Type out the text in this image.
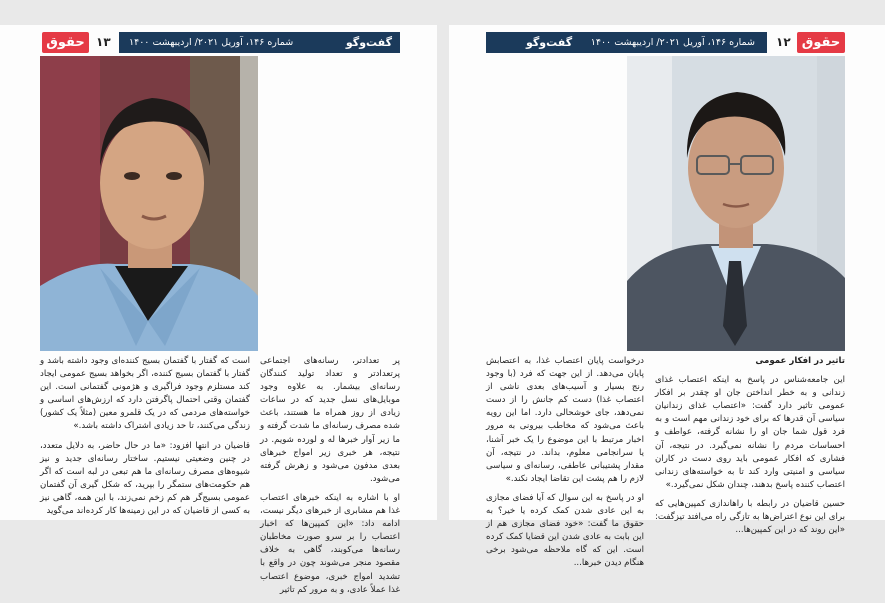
۱۳
حقوق	گفت‌وگو
شماره ۱۴۶، آوریل ۲۰۲۱/ اردیبهشت ۱۴۰۰

پر تعدادتر، رسانه‌های اجتماعی پرتعدادتر و تعداد تولید کنندگان رسانه‌ای بیشمار. به علاوه وجود موبایل‌های نسل جدید که در ساعات زیادی از روز همراه ما هستند، باعث شده مصرف رسانه‌ای ما شدت گرفته و ما زیر آوار خبرها له و لورده شویم. در نتیجه، هر خبری زیر امواج خبرهای بعدی مدفون می‌شود و زهرش گرفته می‌شود.

او با اشاره به اینکه خبرهای اعتصاب غذا هم مشابری از خبرهای دیگر نیست، ادامه داد: «این کمپین‌ها که اخبار اعتصاب را بر سرو صورت مخاطبان رسانه‌ها می‌کوبند، گاهی به خلاف مقصود منجر می‌شوند چون در واقع با تشدید امواج خبری، موضوع اعتصاب غذا عملاً عادی، و به مرور کم تاثیر

است که گفتار با گفتمان بسیج کننده‌ای وجود داشته باشد و گفتار با گفتمان بسیج کننده، اگر بخواهد بسیج عمومی ایجاد کند مستلزم وجود فراگیری و هژمونی گفتمانی است. این گفتمان وقتی احتمال پاگرفتن دارد که ارزش‌های اساسی و خواسته‌های مردمی که در یک قلمرو معین (مثلاً یک کشور) زندگی می‌کنند، تا حد زیادی اشتراک داشته باشد.»

قاضیان در انتها افزود: «ما در حال حاضر، به دلایل متعدد، در چنین وضعیتی نیستیم. ساختار رسانه‌ای جدید و نیز شیوه‌های مصرف رسانه‌ای ما هم تبعی در لبه است که اگر هم حکومت‌های ستمگر را بپرید، که شکل گیری آن گفتمان عمومی بسیج‌گر هم کم زخم نمی‌زند، با این همه، گاهی نیز به کسی از قاضیان که در این زمینه‌ها کار کرده‌اند می‌گوید

۱۲ حقوق
گفت‌وگو شماره ۱۴۶، آوریل ۲۰۲۱/ اردیبهشت ۱۴۰۰

تاثیر در افکار عمومی

این جامعه‌شناس در پاسخ به اینکه اعتصاب غذای زندانی و به خطر انداختن جان او چقدر بر افکار عمومی تاثیر دارد گفت: «اعتصاب غذای زندانیان سیاسی آن قدرها که برای خود زندانی مهم است و به فرد قول شما جان او را نشانه گرفته، عواطف و احساسات مردم را نشانه نمی‌گیرد. در نتیجه، آن فشاری که افکار عمومی باید روی دست در کاران سیاسی و امنیتی وارد کند تا به خواسته‌های زندانی اعتصاب کننده پاسخ بدهند، چندان شکل نمی‌گیرد.»

حسین قاضیان در رابطه با راهاندازی کمپین‌هایی که برای این نوع اعتراض‌ها به تازگی راه می‌افتد تیزگفت: «این روند که در این کمپین‌ها...

درخواست پایان اعتصاب غذا، به اعتصابش پایان می‌دهد. از این جهت که فرد (با وجود رنج بسیار و آسیب‌های بعدی ناشی از اعتصاب غذا) دست کم جانش را از دست نمی‌دهد، جای خوشحالی دارد. اما این رویه باعث می‌شود که مخاطب بیرونی به مرور اخبار مرتبط با این موضوع را یک خبر آشنا، یا سرانجامی معلوم، بداند. در نتیجه، آن مقدار پشتیبانی عاطفی، رسانه‌ای و سیاسی لازم را هم پشت این تقاضا ایجاد نکند.»

او در پاسخ به این سوال که آیا فضای مجازی به این عادی شدن کمک کرده یا خیر؟ به حقوق ما گفت: «خود فضای مجازی هم از این بابت به عادی شدن این قضایا کمک کرده است. این که گاه ملاحظه می‌شود برخی هنگام دیدن خبرها...
